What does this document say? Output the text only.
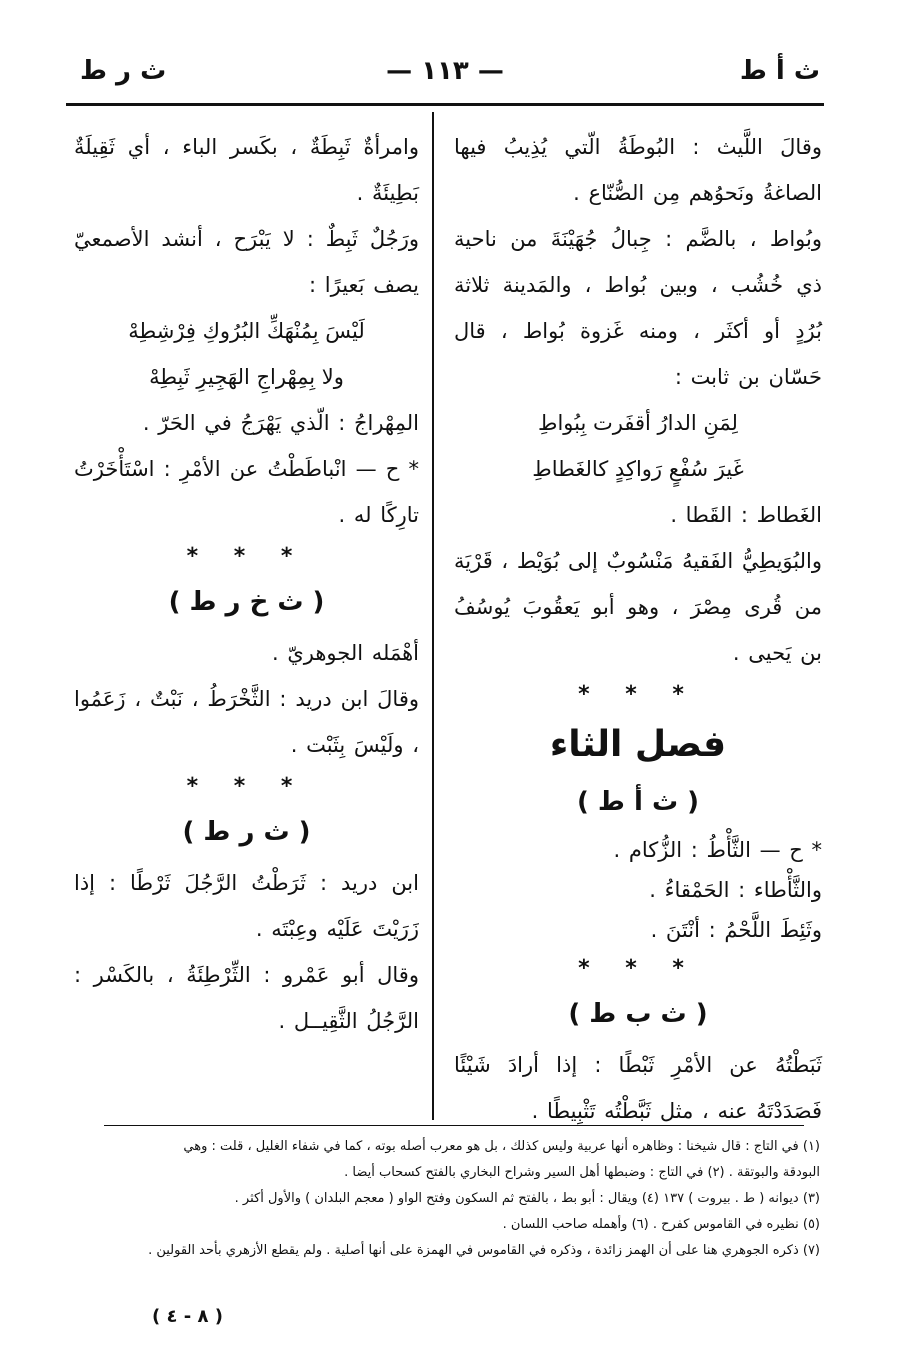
ث أ ط
— ١١٣ —
ث ر ط

وقالَ اللَّيث : البُوطَةُ الّتي يُذِيبُ فيها الصاغةُ ونَحوُهم مِن الصُّنّاع .

وبُواط ، بالضَّم : جِبالُ جُهَيْنَةَ من ناحية ذي خُشُب ، وبين بُواط ، والمَدينة ثلاثة بُرُدٍ أو أكثَر ، ومنه غَزوة بُواط ، قال حَسّان بن ثابت :

لِمَنِ الدارُ أقفَرت بِبُواطِ

غَيرَ سُفْعٍ رَواكِدٍ كالغَطاطِ

الغَطاط : القَطا .

والبُوَيطِيُّ الفَقيهُ مَنْسُوبٌ إلى بُوَيْط ، قَرْيَة من قُرى مِصْرَ ، وهو أبو يَعقُوبَ يُوسُفُ بن يَحيى .

* * *
فصل الثاء
( ث أ ط )

* ح — الثَّأْطُ : الزُّكام .

والثَّأْطاء : الحَمْقاءُ .

وثَئِطَ اللَّحْمُ : أنْتَنَ .

* * *
( ث ب ط )

ثَبَطْتُهُ عن الأمْرِ ثَبْطًا : إذا أرادَ شَيْئًا فَصَدَدْتَهُ عنه ، مثل ثَبَّطْتُه تَثْبِيطًا .

وامرأةٌ ثَبِطَةٌ ، بكَسر الباء ، أي ثَقِيلَةٌ بَطِيئَةٌ .

ورَجُلٌ ثَبِطٌ : لا يَبْرَح ، أنشد الأصمعيّ يصف بَعيرًا :

لَيْسَ بِمُنْهَكِّ البُرُوكِ فِرْشِطِهْ

ولا بِمِهْراجِ الهَجِيرِ ثَبِطِهْ

المِهْراجُ : الّذي يَهْرَجُ في الحَرّ .

* ح — انْباطَطْتُ عن الأمْرِ : اسْتَأْخَرْتُ تارِكًا له .

* * *
( ث خ ر ط )

أهْمَله الجوهريّ .

وقالَ ابن دريد : الثَّخْرَطُ ، نَبْتٌ ، زَعَمُوا ، ولَيْسَ بِثَبْت .

* * *
( ث ر ط )

ابن دريد : ثَرَطْتُ الرَّجُلَ ثَرْطًا : إذا زَرَيْتَ عَلَيْه وعِبْتَه .

وقال أبو عَمْرو : الثِّرْطِئَةُ ، بالكَسْر : الرَّجُلُ الثَّقِيــل .

(١) في التاج : قال شيخنا : وظاهره أنها عربية وليس كذلك ، بل هو معرب أصله بوته ، كما في شفاء الغليل ، قلت : وهي

البودقة والبوتقة . (٢) في التاج : وضبطها أهل السير وشراح البخاري بالفتح كسحاب أيضا .

(٣) ديوانه ( ط . بيروت ) ١٣٧ (٤) ويقال : أبو بط ، بالفتح ثم السكون وفتح الواو ( معجم البلدان ) والأول أكثر .

(٥) نظيره في القاموس كفرح . (٦) وأهمله صاحب اللسان .

(٧) ذكره الجوهري هنا على أن الهمز زائدة ، وذكره في القاموس في الهمزة على أنها أصلية . ولم يقطع الأزهري بأحد القولين .

( ٨ - ٤ )
